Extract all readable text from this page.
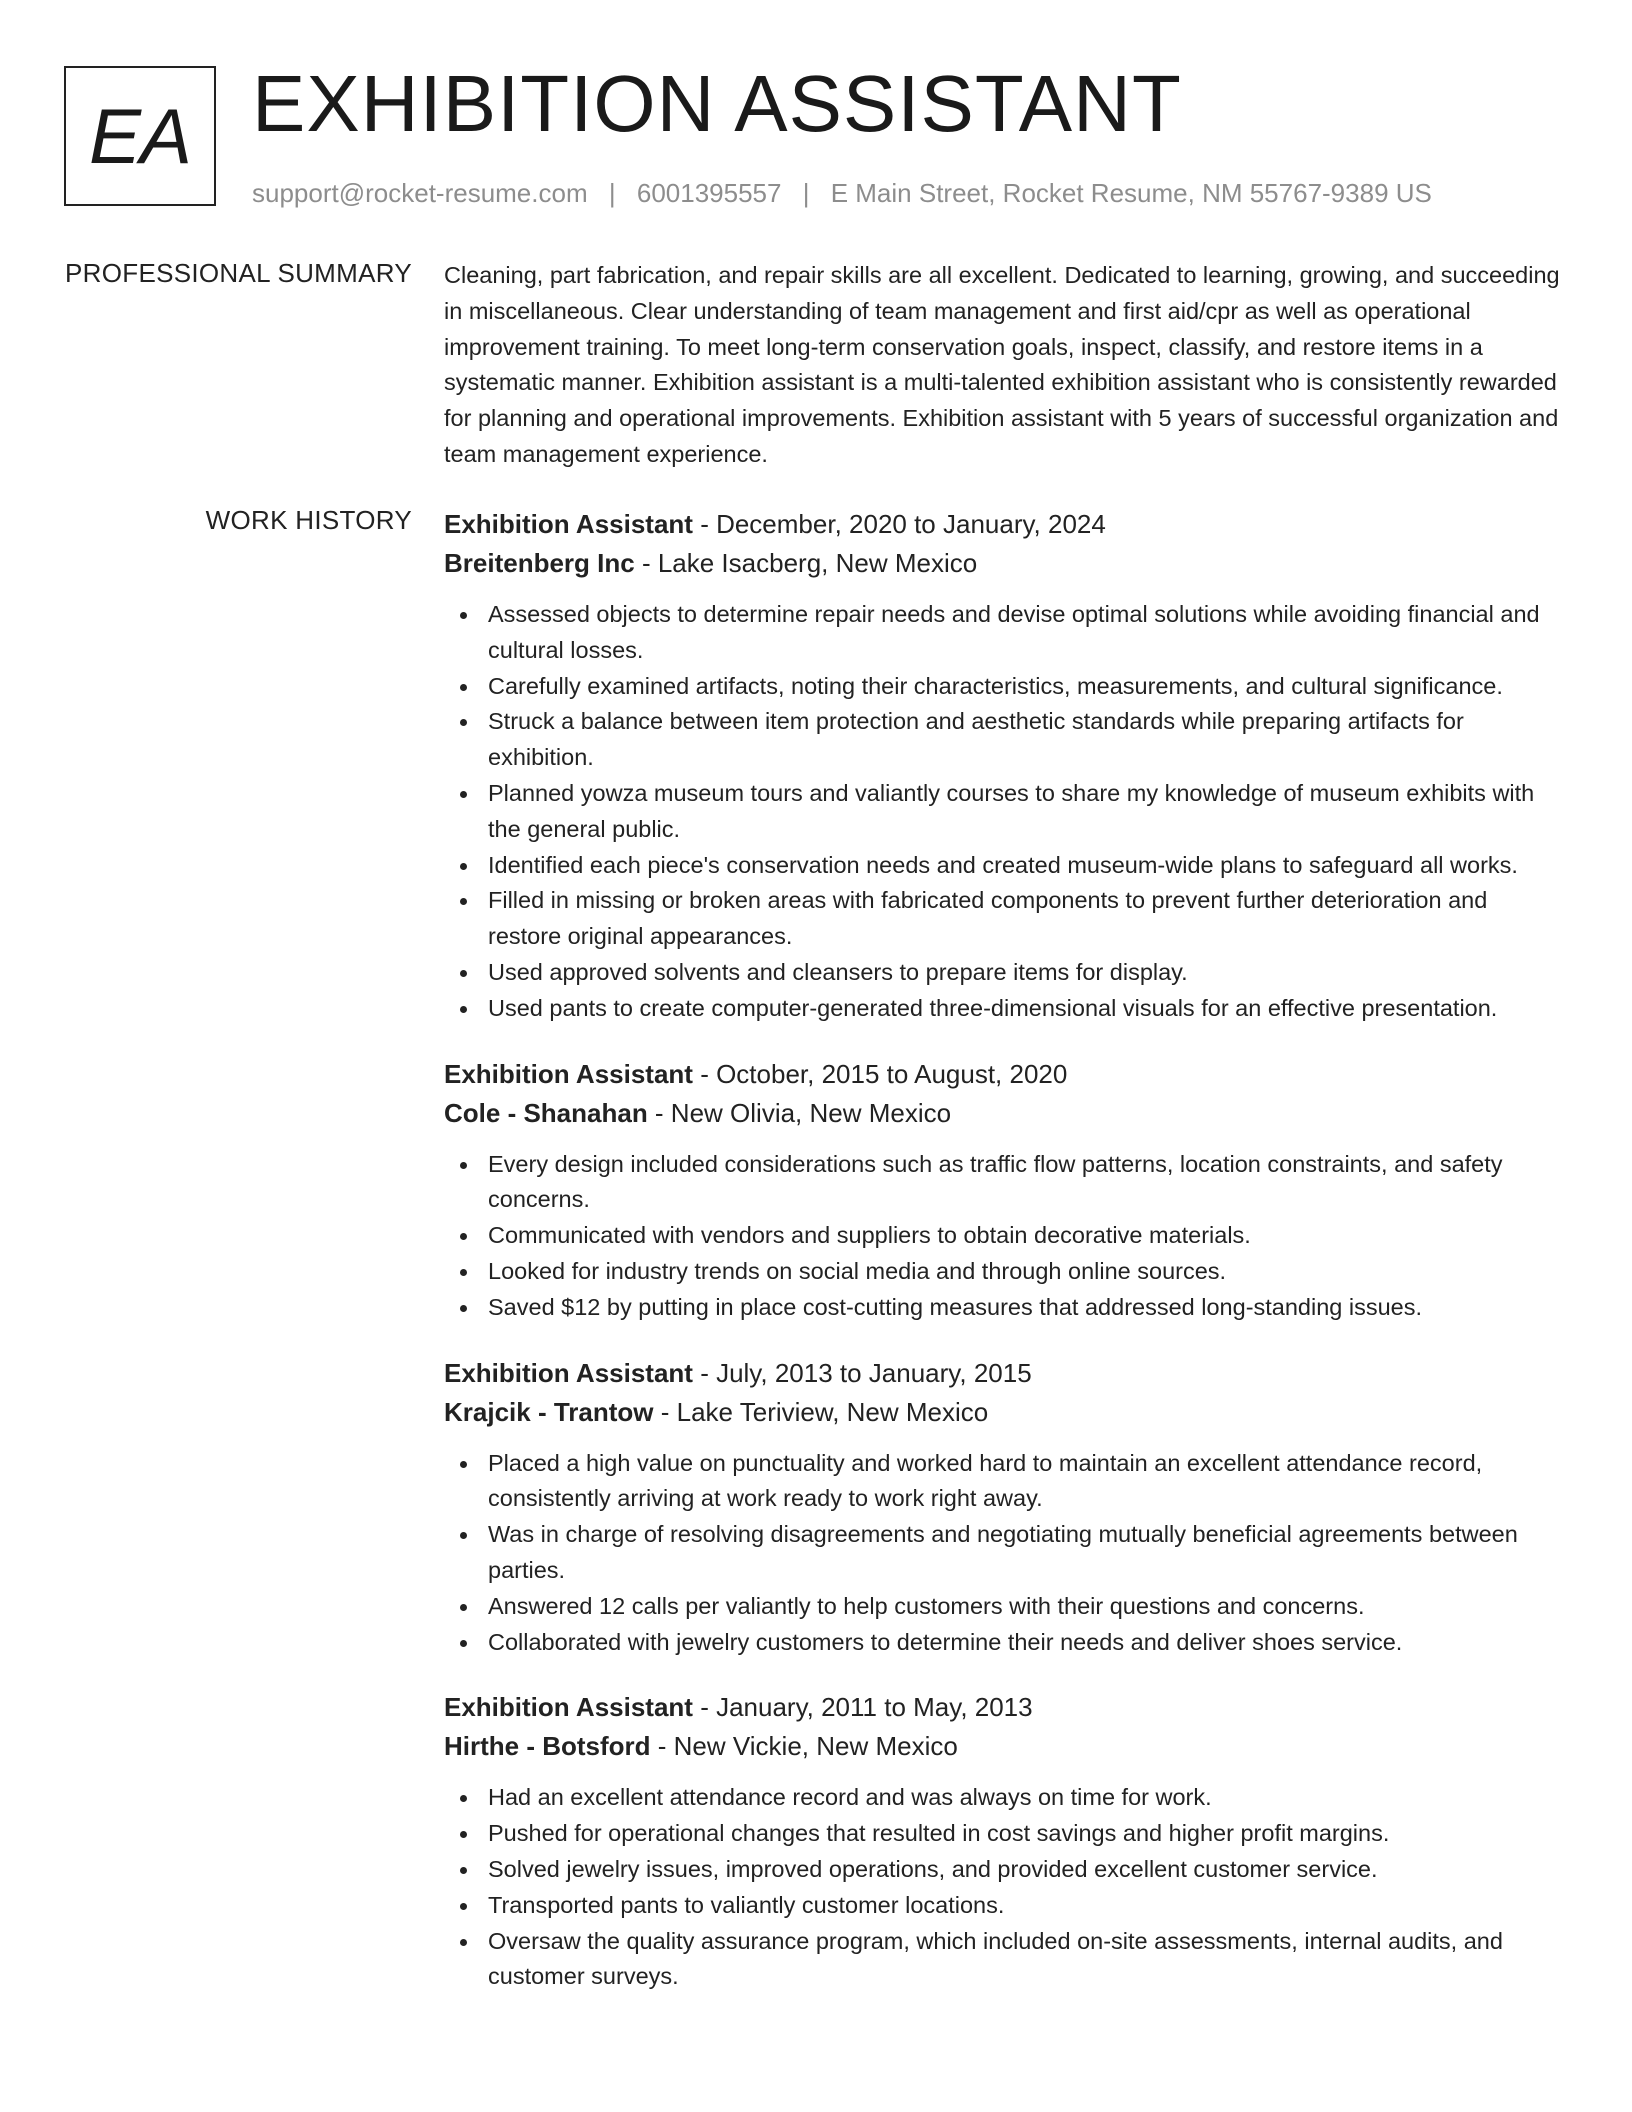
EA EXHIBITION ASSISTANT
support@rocket-resume.com | 6001395557 | E Main Street, Rocket Resume, NM 55767-9389 US
PROFESSIONAL SUMMARY Cleaning, part fabrication, and repair skills are all excellent. Dedicated to learning, growing, and succeeding in miscellaneous. Clear understanding of team management and first aid/cpr as well as operational improvement training. To meet long-term conservation goals, inspect, classify, and restore items in a systematic manner. Exhibition assistant is a multi-talented exhibition assistant who is consistently rewarded for planning and operational improvements. Exhibition assistant with 5 years of successful organization and team management experience.

WORK HISTORY Exhibition Assistant - December, 2020 to January, 2024
Breitenberg Inc - Lake Isacberg, New Mexico
Assessed objects to determine repair needs and devise optimal solutions while avoiding financial and cultural losses.
Carefully examined artifacts, noting their characteristics, measurements, and cultural significance.
Struck a balance between item protection and aesthetic standards while preparing artifacts for exhibition.
Planned yowza museum tours and valiantly courses to share my knowledge of museum exhibits with the general public.
Identified each piece's conservation needs and created museum-wide plans to safeguard all works.
Filled in missing or broken areas with fabricated components to prevent further deterioration and restore original appearances.
Used approved solvents and cleansers to prepare items for display.
Used pants to create computer-generated three-dimensional visuals for an effective presentation.
Exhibition Assistant - October, 2015 to August, 2020
Cole - Shanahan - New Olivia, New Mexico
Every design included considerations such as traffic flow patterns, location constraints, and safety concerns.
Communicated with vendors and suppliers to obtain decorative materials.
Looked for industry trends on social media and through online sources.
Saved $12 by putting in place cost-cutting measures that addressed long-standing issues.
Exhibition Assistant - July, 2013 to January, 2015
Krajcik - Trantow - Lake Teriview, New Mexico
Placed a high value on punctuality and worked hard to maintain an excellent attendance record, consistently arriving at work ready to work right away.
Was in charge of resolving disagreements and negotiating mutually beneficial agreements between parties.
Answered 12 calls per valiantly to help customers with their questions and concerns.
Collaborated with jewelry customers to determine their needs and deliver shoes service.
Exhibition Assistant - January, 2011 to May, 2013
Hirthe - Botsford - New Vickie, New Mexico
Had an excellent attendance record and was always on time for work.
Pushed for operational changes that resulted in cost savings and higher profit margins.
Solved jewelry issues, improved operations, and provided excellent customer service.
Transported pants to valiantly customer locations.
Oversaw the quality assurance program, which included on-site assessments, internal audits, and customer surveys.
